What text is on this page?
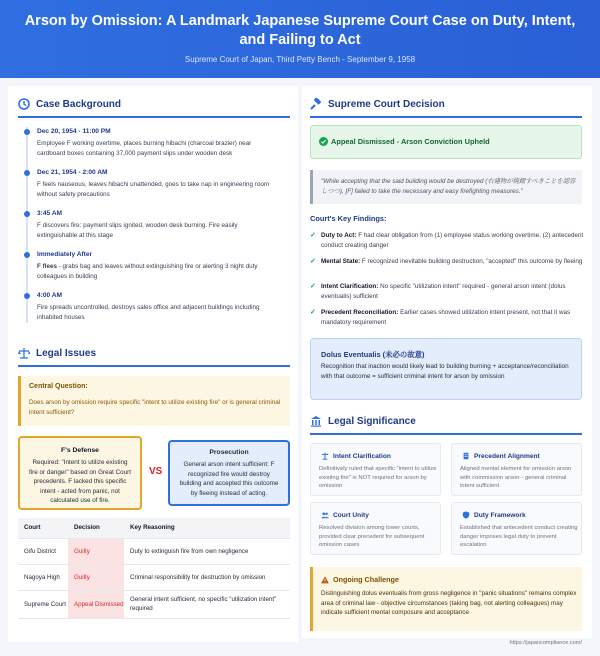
Arson by Omission: A Landmark Japanese Supreme Court Case on Duty, Intent, and Failing to Act
Supreme Court of Japan, Third Petty Bench - September 9, 1958
Case Background
Dec 20, 1954 - 11:00 PM
Employee F working overtime, places burning hibachi (charcoal brazier) near cardboard boxes containing 37,000 payment slips under wooden desk
Dec 21, 1954 - 2:00 AM
F feels nauseous, leaves hibachi unattended, goes to take nap in engineering room without safety precautions
3:45 AM
F discovers fire: payment slips ignited, wooden desk burning. Fire easily extinguishable at this stage
Immediately After
F flees - grabs bag and leaves without extinguishing fire or alerting 3 night duty colleagues in building
4:00 AM
Fire spreads uncontrolled, destroys sales office and adjacent buildings including inhabited houses
Legal Issues
Central Question:
Does arson by omission require specific "intent to utilize existing fire" or is general criminal intent sufficient?
F's Defense
Required: "Intent to utilize existing fire or danger" based on Great Court precedents. F lacked this specific intent - acted from panic, not calculated use of fire.
VS
Prosecution
General arson intent sufficient: F recognized fire would destroy building and accepted this outcome by fleeing instead of acting.
Court	Decision	Key Reasoning
Gifu District	Guilty	Duty to extinguish fire from own negligence
Nagoya High	Guilty	Criminal responsibility for destruction by omission
Supreme Court	Appeal Dismissed	General intent sufficient, no specific "utilization intent" required
Supreme Court Decision
Appeal Dismissed - Arson Conviction Upheld
"While accepting that the said building would be destroyed (右建物が焼燬すべきことを認容しつつ), [F] failed to take the necessary and easy firefighting measures."
Court's Key Findings:
✓ Duty to Act: F had clear obligation from (1) employee status working overtime, (2) antecedent conduct creating danger
✓ Mental State: F recognized inevitable building destruction, "accepted" this outcome by fleeing
✓ Intent Clarification: No specific "utilization intent" required - general arson intent (dolus eventualis) sufficient
✓ Precedent Reconciliation: Earlier cases showed utilization intent present, not that it was mandatory requirement
Dolus Eventualis (未必の故意)
Recognition that inaction would likely lead to building burning + acceptance/reconciliation with that outcome = sufficient criminal intent for arson by omission
Legal Significance
Intent Clarification
Definitively ruled that specific "intent to utilize existing fire" is NOT required for arson by omission
Precedent Alignment
Aligned mental element for omission arson with commission arson - general criminal intent sufficient
Court Unity
Resolved division among lower courts, provided clear precedent for subsequent omission cases
Duty Framework
Established that antecedent conduct creating danger imposes legal duty to prevent escalation
Ongoing Challenge
Distinguishing dolus eventualis from gross negligence in "panic situations" remains complex area of criminal law - objective circumstances (taking bag, not alerting colleagues) may indicate sufficient mental composure and acceptance
https://japancompliance.com/
